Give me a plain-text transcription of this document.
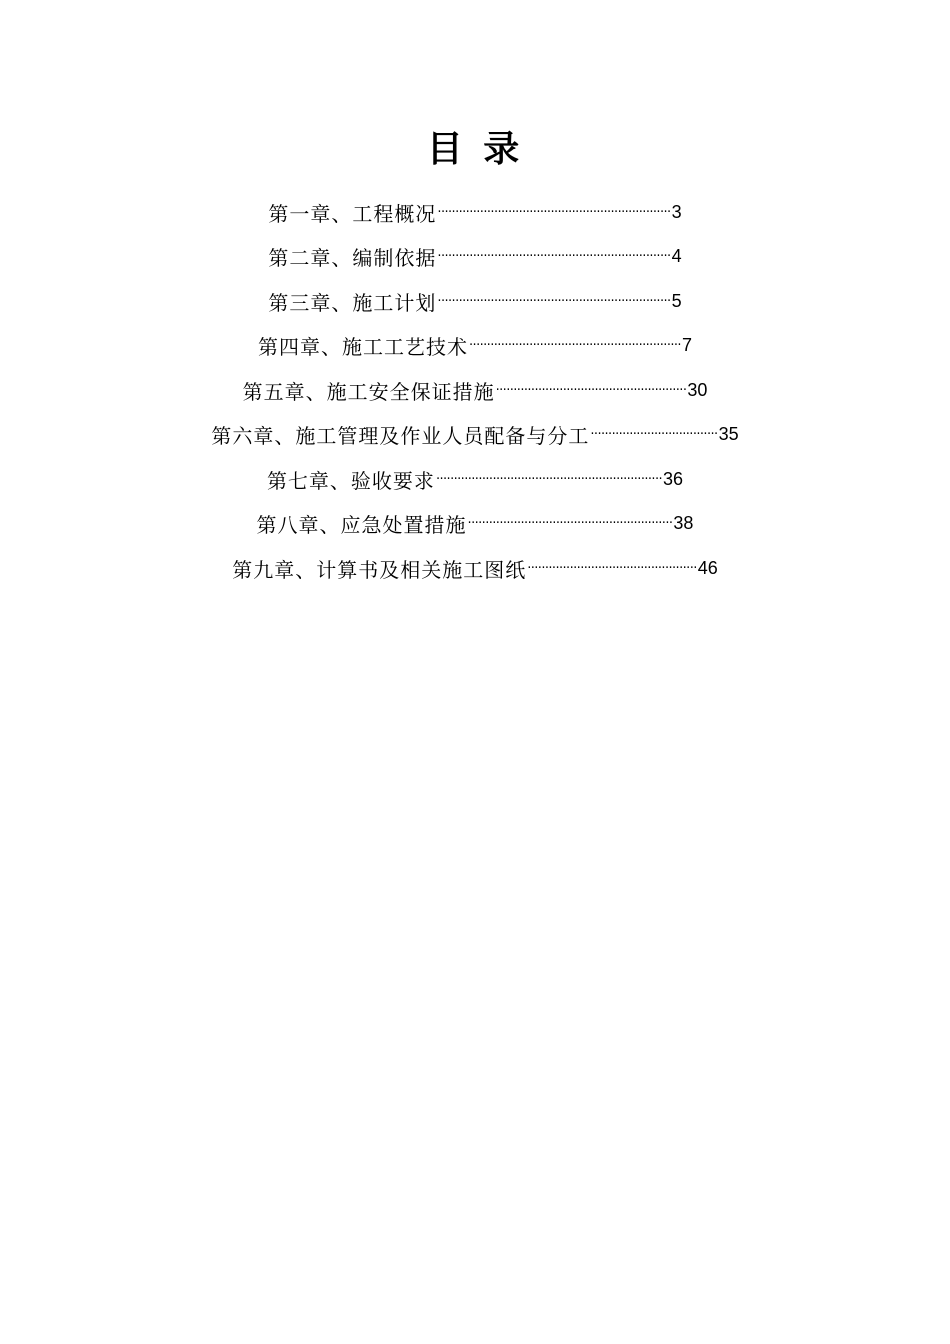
目 录
第一章、工程概况 ·································································· 3
第二章、编制依据 ·································································· 4
第三章、施工计划 ·································································· 5
第四章、施工工艺技术 ···························································· 7
第五章、施工安全保证措施 ······················································ 30
第六章、施工管理及作业人员配备与分工 ···································· 35
第七章、验收要求 ································································ 36
第八章、应急处置措施 ·························································· 38
第九章、计算书及相关施工图纸 ················································ 46
